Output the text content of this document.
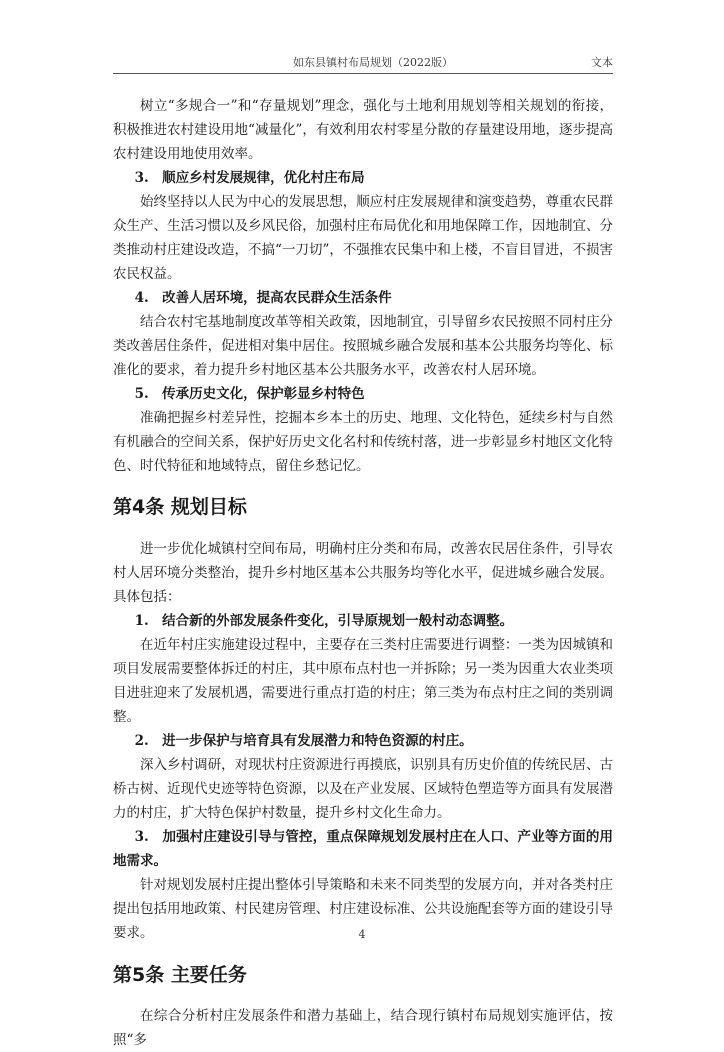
如东县镇村布局规划（2022版）	文本

树立“多规合一”和“存量规划”理念，强化与土地利用规划等相关规划的衔接，积极推进农村建设用地“减量化”，有效利用农村零星分散的存量建设用地，逐步提高农村建设用地使用效率。

3.　顺应乡村发展规律，优化村庄布局

始终坚持以人民为中心的发展思想，顺应村庄发展规律和演变趋势，尊重农民群众生产、生活习惯以及乡风民俗，加强村庄布局优化和用地保障工作，因地制宜、分类推动村庄建设改造，不搞“一刀切”，不强推农民集中和上楼，不盲目冒进，不损害农民权益。

4.　改善人居环境，提高农民群众生活条件

结合农村宅基地制度改革等相关政策，因地制宜，引导留乡农民按照不同村庄分类改善居住条件，促进相对集中居住。按照城乡融合发展和基本公共服务均等化、标准化的要求，着力提升乡村地区基本公共服务水平，改善农村人居环境。

5.　传承历史文化，保护彰显乡村特色

准确把握乡村差异性，挖掘本乡本土的历史、地理、文化特色，延续乡村与自然有机融合的空间关系，保护好历史文化名村和传统村落，进一步彰显乡村地区文化特色、时代特征和地域特点，留住乡愁记忆。

第4条 规划目标

进一步优化城镇村空间布局，明确村庄分类和布局，改善农民居住条件，引导农村人居环境分类整治，提升乡村地区基本公共服务均等化水平，促进城乡融合发展。具体包括：

1.　结合新的外部发展条件变化，引导原规划一般村动态调整。

在近年村庄实施建设过程中，主要存在三类村庄需要进行调整：一类为因城镇和项目发展需要整体拆迁的村庄，其中原布点村也一并拆除；另一类为因重大农业类项目进驻迎来了发展机遇，需要进行重点打造的村庄；第三类为布点村庄之间的类别调整。

2.　进一步保护与培育具有发展潜力和特色资源的村庄。

深入乡村调研，对现状村庄资源进行再摸底，识别具有历史价值的传统民居、古桥古树、近现代史迹等特色资源，以及在产业发展、区域特色塑造等方面具有发展潜力的村庄，扩大特色保护村数量，提升乡村文化生命力。

3.　加强村庄建设引导与管控，重点保障规划发展村庄在人口、产业等方面的用地需求。

针对规划发展村庄提出整体引导策略和未来不同类型的发展方向，并对各类村庄提出包括用地政策、村民建房管理、村庄建设标准、公共设施配套等方面的建设引导要求。

第5条 主要任务

在综合分析村庄发展条件和潜力基础上，结合现行镇村布局规划实施评估，按照“多

4
